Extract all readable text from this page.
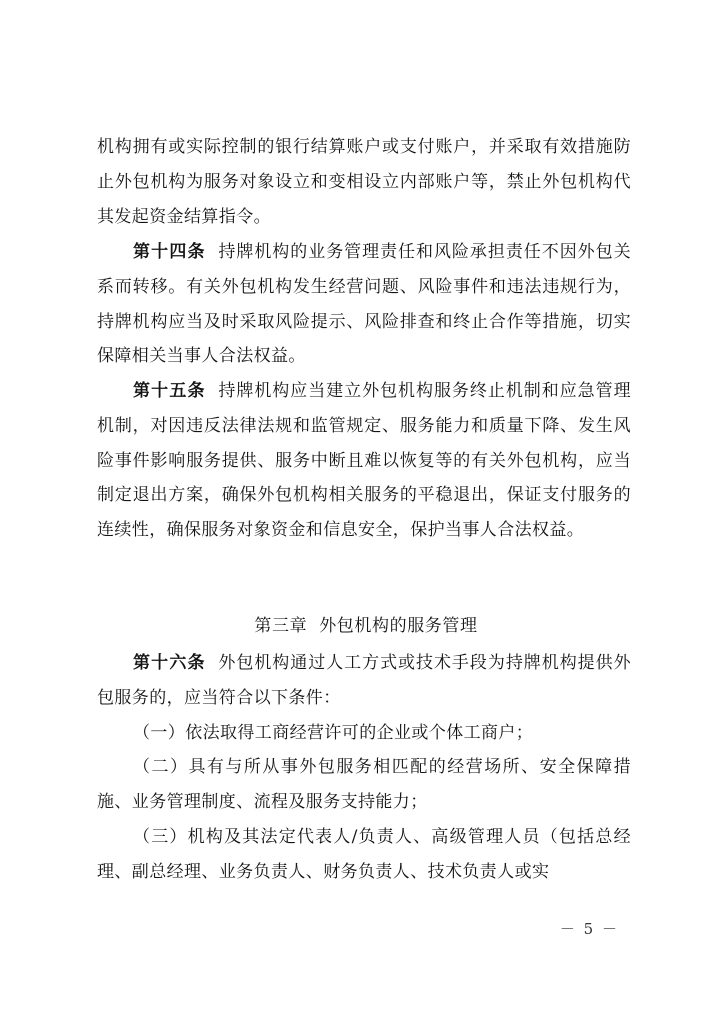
机构拥有或实际控制的银行结算账户或支付账户，并采取有效措施防止外包机构为服务对象设立和变相设立内部账户等，禁止外包机构代其发起资金结算指令。

第十四条 持牌机构的业务管理责任和风险承担责任不因外包关系而转移。有关外包机构发生经营问题、风险事件和违法违规行为，持牌机构应当及时采取风险提示、风险排查和终止合作等措施，切实保障相关当事人合法权益。

第十五条 持牌机构应当建立外包机构服务终止机制和应急管理机制，对因违反法律法规和监管规定、服务能力和质量下降、发生风险事件影响服务提供、服务中断且难以恢复等的有关外包机构，应当制定退出方案，确保外包机构相关服务的平稳退出，保证支付服务的连续性，确保服务对象资金和信息安全，保护当事人合法权益。

第三章  外包机构的服务管理

第十六条 外包机构通过人工方式或技术手段为持牌机构提供外包服务的，应当符合以下条件：

（一）依法取得工商经营许可的企业或个体工商户；

（二）具有与所从事外包服务相匹配的经营场所、安全保障措施、业务管理制度、流程及服务支持能力；

（三）机构及其法定代表人/负责人、高级管理人员（包括总经理、副总经理、业务负责人、财务负责人、技术负责人或实

－ 5 －
